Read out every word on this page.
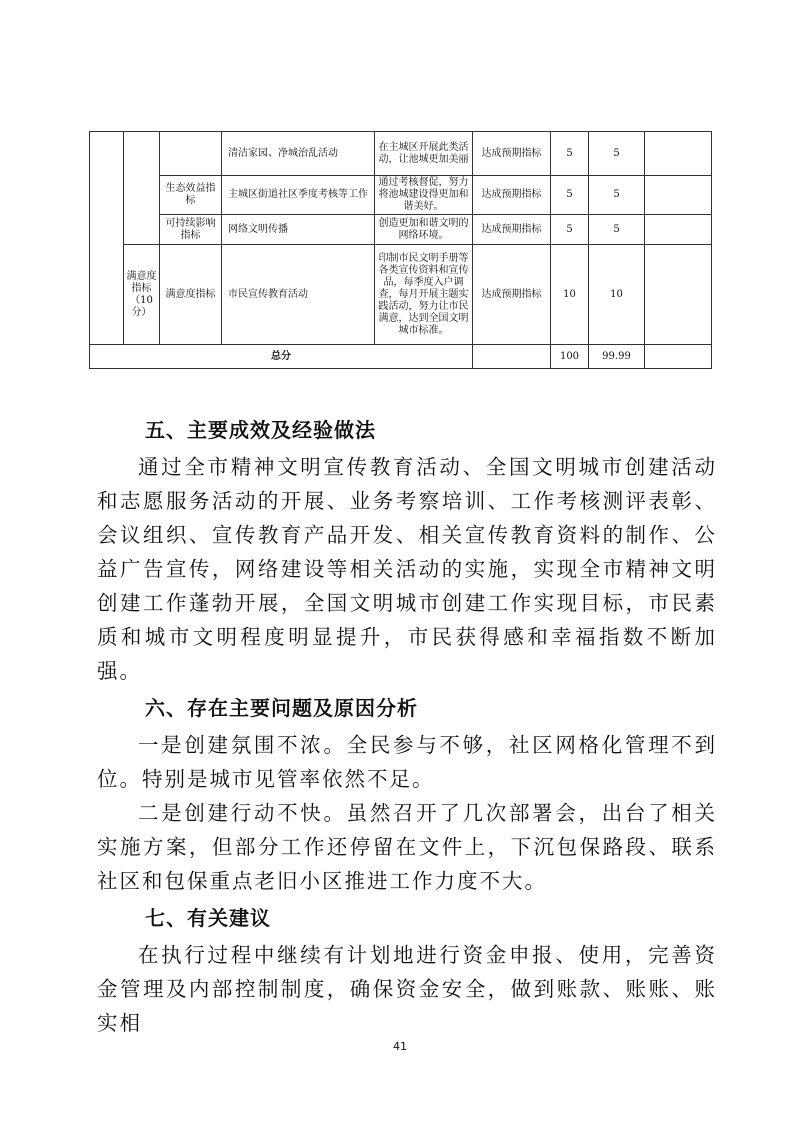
			清洁家园、净城治乱活动	在主城区开展此类活动，让池城更加美丽	达成预期指标	5	5	
		生态效益指标	主城区街道社区季度考核等工作	通过考核督促，努力将池城建设得更加和谐美好。	达成预期指标	5	5	
		可持续影响指标	网络文明传播	创造更加和谐文明的网络环境。	达成预期指标	5	5	
	满意度指标（10分）	满意度指标	市民宣传教育活动	印制市民文明手册等各类宣传资料和宣传品，每季度入户调查，每月开展主题实践活动，努力让市民满意，达到全国文明城市标准。	达成预期指标	10	10	
总分						100	99.99	
五、主要成效及经验做法

通过全市精神文明宣传教育活动、全国文明城市创建活动和志愿服务活动的开展、业务考察培训、工作考核测评表彰、会议组织、宣传教育产品开发、相关宣传教育资料的制作、公益广告宣传，网络建设等相关活动的实施，实现全市精神文明创建工作蓬勃开展，全国文明城市创建工作实现目标，市民素质和城市文明程度明显提升，市民获得感和幸福指数不断加强。

六、存在主要问题及原因分析

一是创建氛围不浓。全民参与不够，社区网格化管理不到位。特别是城市见管率依然不足。

二是创建行动不快。虽然召开了几次部署会，出台了相关实施方案，但部分工作还停留在文件上，下沉包保路段、联系社区和包保重点老旧小区推进工作力度不大。

七、有关建议

在执行过程中继续有计划地进行资金申报、使用，完善资金管理及内部控制制度，确保资金安全，做到账款、账账、账实相

41
